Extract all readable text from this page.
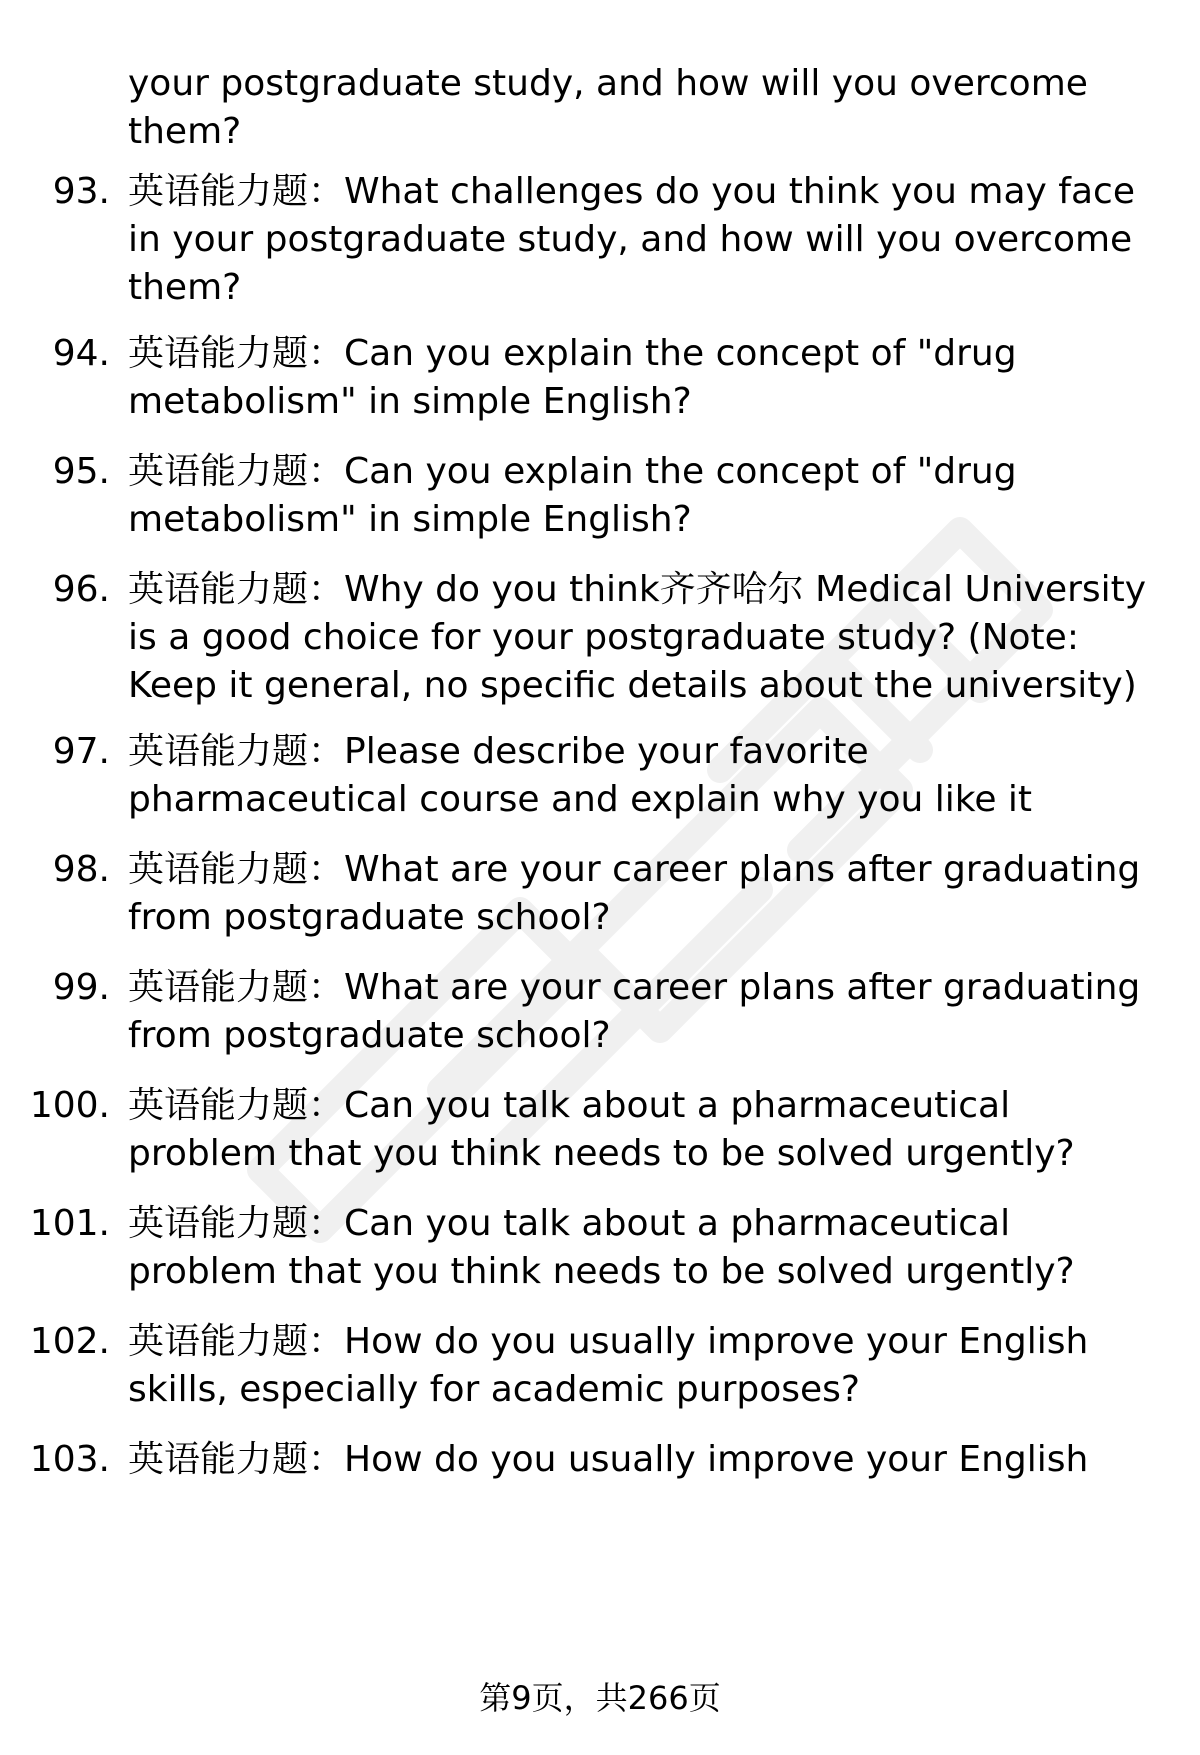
your postgraduate study, and how will you overcome them?
93. 英语能力题：What challenges do you think you may face in your postgraduate study, and how will you overcome them?
94. 英语能力题：Can you explain the concept of "drug metabolism" in simple English?
95. 英语能力题：Can you explain the concept of "drug metabolism" in simple English?
96. 英语能力题：Why do you think齐齐哈尔 Medical University is a good choice for your postgraduate study? (Note: Keep it general, no specific details about the university)
97. 英语能力题：Please describe your favorite pharmaceutical course and explain why you like it
98. 英语能力题：What are your career plans after graduating from postgraduate school?
99. 英语能力题：What are your career plans after graduating from postgraduate school?
100. 英语能力题：Can you talk about a pharmaceutical problem that you think needs to be solved urgently?
101. 英语能力题：Can you talk about a pharmaceutical problem that you think needs to be solved urgently?
102. 英语能力题：How do you usually improve your English skills, especially for academic purposes?
103. 英语能力题：How do you usually improve your English
第9页，共266页
